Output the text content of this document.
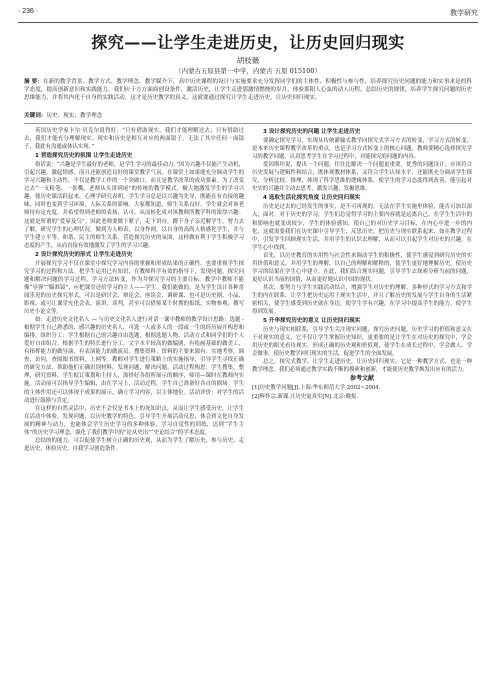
· 236 ·	教学研究
探究——让学生走进历史，让历史回归现实
胡枝薇
（内蒙古五原县第一中学，内蒙古 五原 015100）
摘 要：在新的教学背景、教学方式、教学理念、教学媒介下，高中历史课程的设计与实施要求充分发挥同学们的主体性、积极性与参与性，培养探究历史问题的能力和实事求是的科学态度，提高创新意识和实践能力。我们应于方方面面创设条件，激活历史，让学生走进那激情燃烧的岁月，体验那阳人心弦的动人历程，总结历史的规律，培养学生探究问题的历史思维能力，并将其内化于自身的实践活动，这才是历史教学的真义，这就要通过探究让学生走进历史，让历史回归现实。
关键词：历史；现实；教学理念

英国历史学家卡尔·贝克尔说得好：“只有借助现实，我们才能理解过去；只有借助过去，我们才能充分理解现实。现实和历史是相互对应的两面镜子，无法了其中任何一面镜子，我此有沟通或体认实现。”

1 营造探究历史的氛围 让学生走进历史

俗话说：“兴趣是学生最好的老师，是学生学习的最佳动力。”因为兴趣不仅能产生动机，引起兴趣，激起情感，而且还能创造良好的课堂教学气氛。在课堂上如果能充分调动学生的学习兴趣和主动性，不仅是教学工作的一个突破口，而且是教学改革的成功要素。为了改变过去“一支粉笔、一张嘴，老师从头讲到尾”的传统的教学模式，极大地激发学生的学习兴趣，使历史课活跃起来，心理学研究表明，学生学习总是以兴趣为先导，既能在有直接的趣味，同时也变到学习环境，人际关系的影响。大家都知道，师生关系良好，学生就会对该老师持有定充度，并希望得到老师的表扬，认可，从而转化成对该教师所教学科的浓厚兴趣。这就是所谓的“爱屋及乌”。因此老师要做下紧子，走下讲台，蹲下身子亲近解学生，努力去了解，研究学生的心理状况。做到为人师表，以身作则，以自身的高尚人格感化学生，并与学生建立平等、和谐、民主的师生关系。营造探究历史的氛围，这样做有利于学生积极学习态度的产生，从而直接有效地激发了学生的学习兴趣。

2 设计探究历史的形式 让学生走进历史

开展探究学习不仅在课堂中探究学习内容的掌握和形成结果的正确性，也要重视学生探究学习的过程和方法。把学生运用已有知识，在教师科学有效的指导下，发现问题，探究问题和解决问题的学习过程，学习方法转变，作为并探究学习的主要目标。教学中教师不能像“导弹”“瞄准镜”，应把课堂还给学习的主人——学生，我们能做的，是为学生设计各种喜闻乐见的历史探究形式，可以是研讨会、辩论会、座谈会、调研课、也可是历史剧、小品、影视、或可让课堂充化会表，演讲，谈判，甚至可以借鉴某个时期的报纸、实物参观，撰写历史小论文等。

如：走进历史文化名人 — 与历史文化名人进行对话一课中教师的教学设计思路：选题 - 根据学生自己熟悉的、感兴趣的历史名人，可选一人或多人的一段或一生的经历展开构思和编排。组织分工：学生根据自己的兴趣自由选题，根据选题人物、活动方式和同学们的个人爱好自由组合。根据学生的特长进行分工。文字水平较高的做编剧，有绘画基础的做美工，有指挥能力的做导演，有表演能力的做演员。搜集资料：资料的主要来源有：实地考察，调查，访问，查阅图书资料，上网等。教师对学生进行策略上的实施指导，引导学生寻找正确的研究方法，帮助他们正确识别材料，发现问题，解决问题。活动过程构思：学生搜集，整理，研究资料，学生拟订策划和主持人，汲择好各组所展示的顺序，师用—课时在教师内实施。活动前可以指导学生编辑，由在学习上，活动过程。学生自己准备好各自的剧场。学生的主体作用还可以体现于成果的展示，确立学习内容，以主体地位。活动评价：对学生的活动进行鼓励与肯定。

在这样的自然灵活中，历史不会仅是书本上的死知识点，从而让学生感受历史，让学生在活动中体验，发现问题，以历史教学的特色，引导学生开展活动反思，体会到文化自身发展的精神与动力，也能体会学生历史学习的多种体验，学习自觉性的训练，达到“学生主体”的历史学习理念，强化了我们教学中的”论从史出”“史论结合”的学术态度。

总结的的能力，可以促使学生树立正确的历史观，从而为学生了解历史，参与历史，走进历史，体验历史，自我学习创造条件。

3 设计探究历史的问题 让学生走进历史

要确定探究学习，实现从传统灌输式教学向探究式学习方式的转变，学习方式的转变，是本来历史课程教学改革的重点，也是学习方式转变上的核心问题，教师要精心选择探究学习的教学问题，认真思考学生在学习过程中，对能探究的问题的内容。

爱因斯坦说，提出一个问题，往往比解决一个问题更重要。优秀的问题设计，应该符合历史发展与逻辑性和结合，既体现教材体系，又符合学生认知水平，还能既充分调动学生探究，分析比较、推理，体现了科学思维的逻辑体系，使学生的学习态度得到改善，能引起对史实的兴趣并主动去思考，激发兴趣，发掘思维。

4 选取生活化探究角度 让历史回归现实

历史是过去的已经发生的事实，是不可再现的。无法在学生实施里体验，能否可加以深入，面对，对于历史的学习，学生们总觉得学习的主要内容就是远离自己，在学生生活中的和影响也就变成较少，学生的体验感知，使自己的对历史学习目标，在内心中进一步的内化，这就需要我们在历史课中引导学生，反思历史，把历史与现实联系起来，如在教学过程中，引发学生回顾现实生活，并用学生的认识去理解，从而可以引起学生对历史的兴趣，在学生心中找到。

首先，以历史教育的实用性与社会性来调动学生的积极性，使学生感觉到研究历史的实用价值和意义，并用学生的理解，以自己的理解和解释的，使学生更好地理解历史，使历史学习的结果在学生心中建立。在此，我们结合现实问题，引导学生去探索分析当前的问题，更好认识当前的国情，从而更好地认识中国的现状。

其次，要努力与学生实践活动结合，增强学生对历史的理解，多种形式的学习方式和学生的内在联系，让学生把历史运用于现实生活中，并且了解历史的发展与学生自身的生活紧密相关，使学生感受到历史就在身边，使学生学有兴趣，在学习中提高学生的能力，使学生得到发展。

5 升华探究历史的意义 让历史回归现实

历史与现实相联系，引导学生关注现实问题，探究历史问题。历史学习的价值和意义在于对现实的意义，它不仅让学生掌握历史知识，更重要的是让学生在对历史的探究中，学会用历史的眼光看待现实，形成正确的历史观和价值观，使学生在成长过程中，学会做人、学会做事，使历史教学回归现实的生活，促进学生的全面发展。

总之，探究式教学，让学生走进历史，让历史回归现实，它是一种教学方式，也是一种教学理念。我们必须通过教学实践不断的摸索和创新，才能使历史教学焕发出应有的活力。

参考文献

[1]历史教学问题[J].上海:华东师范大学,2002~2004.

[2]辉怀宗.新课.让历史更真实[N].北京:晚报.
